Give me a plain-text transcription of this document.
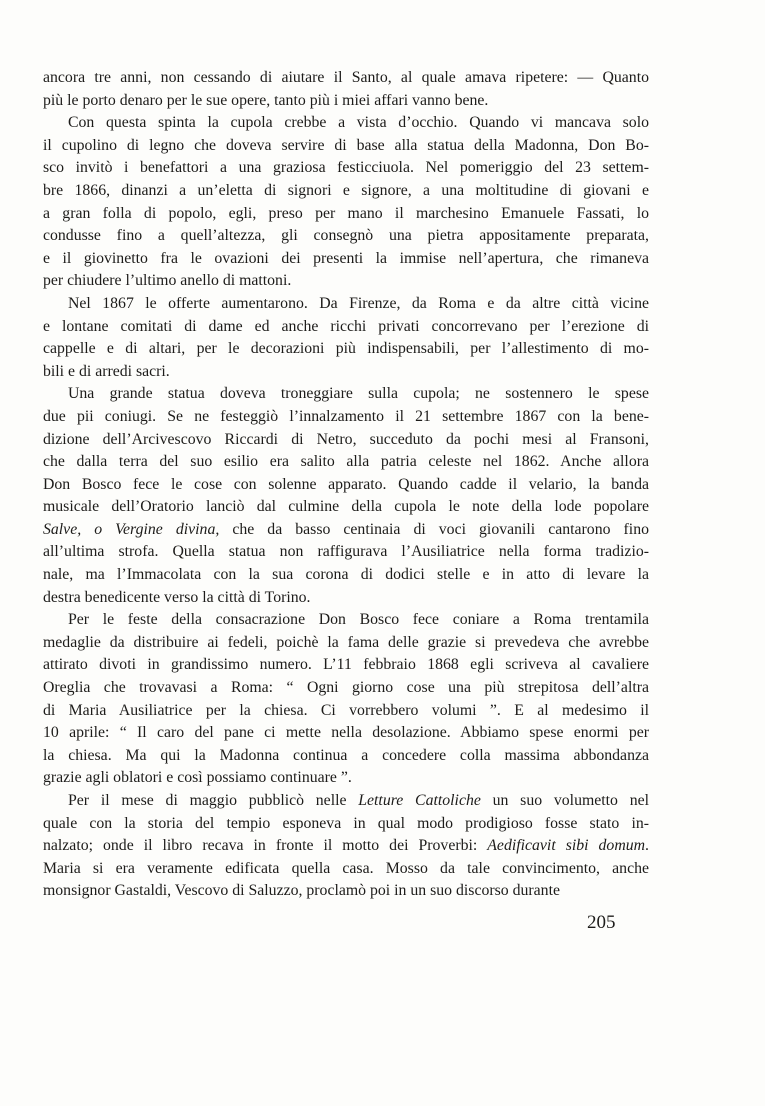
ancora tre anni, non cessando di aiutare il Santo, al quale amava ripetere: — Quanto
più le porto denaro per le sue opere, tanto più i miei affari vanno bene.
Con questa spinta la cupola crebbe a vista d’occhio. Quando vi mancava solo
il cupolino di legno che doveva servire di base alla statua della Madonna, Don Bo-
sco invitò i benefattori a una graziosa festicciuola. Nel pomeriggio del 23 settem-
bre 1866, dinanzi a un’eletta di signori e signore, a una moltitudine di giovani e
a gran folla di popolo, egli, preso per mano il marchesino Emanuele Fassati, lo
condusse fino a quell’altezza, gli consegnò una pietra appositamente preparata,
e il giovinetto fra le ovazioni dei presenti la immise nell’apertura, che rimaneva
per chiudere l’ultimo anello di mattoni.
Nel 1867 le offerte aumentarono. Da Firenze, da Roma e da altre città vicine
e lontane comitati di dame ed anche ricchi privati concorrevano per l’erezione di
cappelle e di altari, per le decorazioni più indispensabili, per l’allestimento di mo-
bili e di arredi sacri.
Una grande statua doveva troneggiare sulla cupola; ne sostennero le spese
due pii coniugi. Se ne festeggiò l’innalzamento il 21 settembre 1867 con la bene-
dizione dell’Arcivescovo Riccardi di Netro, succeduto da pochi mesi al Fransoni,
che dalla terra del suo esilio era salito alla patria celeste nel 1862. Anche allora
Don Bosco fece le cose con solenne apparato. Quando cadde il velario, la banda
musicale dell’Oratorio lanciò dal culmine della cupola le note della lode popolare
Salve, o Vergine divina, che da basso centinaia di voci giovanili cantarono fino
all’ultima strofa. Quella statua non raffigurava l’Ausiliatrice nella forma tradizio-
nale, ma l’Immacolata con la sua corona di dodici stelle e in atto di levare la
destra benedicente verso la città di Torino.
Per le feste della consacrazione Don Bosco fece coniare a Roma trentamila
medaglie da distribuire ai fedeli, poichè la fama delle grazie si prevedeva che avrebbe
attirato divoti in grandissimo numero. L’11 febbraio 1868 egli scriveva al cavaliere
Oreglia che trovavasi a Roma: “ Ogni giorno cose una più strepitosa dell’altra
di Maria Ausiliatrice per la chiesa. Ci vorrebbero volumi ”. E al medesimo il
10 aprile: “ Il caro del pane ci mette nella desolazione. Abbiamo spese enormi per
la chiesa. Ma qui la Madonna continua a concedere colla massima abbondanza
grazie agli oblatori e così possiamo continuare ”.
Per il mese di maggio pubblicò nelle Letture Cattoliche un suo volumetto nel
quale con la storia del tempio esponeva in qual modo prodigioso fosse stato in-
nalzato; onde il libro recava in fronte il motto dei Proverbi: Aedificavit sibi domum.
Maria si era veramente edificata quella casa. Mosso da tale convincimento, anche
monsignor Gastaldi, Vescovo di Saluzzo, proclamò poi in un suo discorso durante
205
